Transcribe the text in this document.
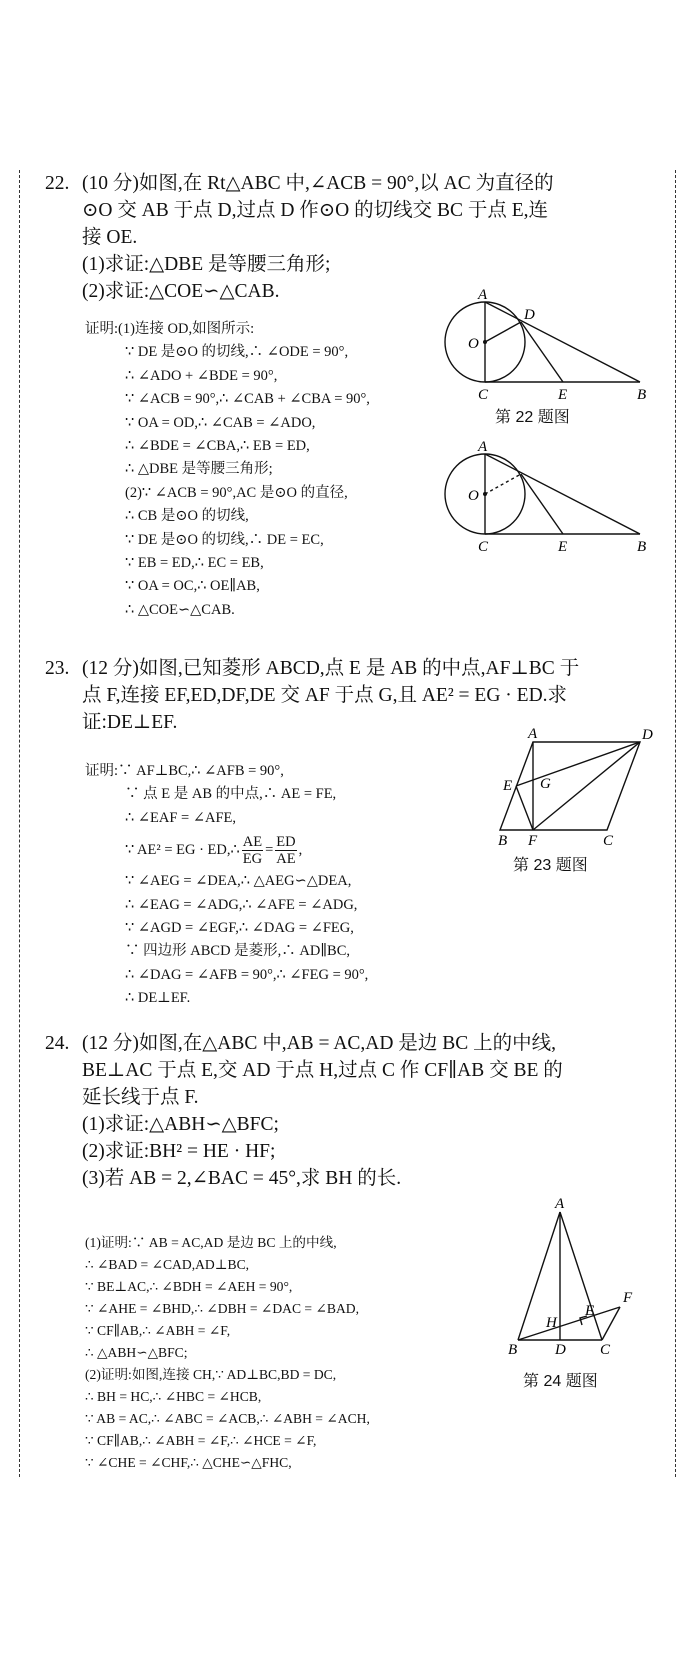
22. (10 分)如图,在 Rt△ABC 中,∠ACB = 90°,以 AC 为直径的
⊙O 交 AB 于点 D,过点 D 作⊙O 的切线交 BC 于点 E,连
接 OE.
(1)求证:△DBE 是等腰三角形;
(2)求证:△COE∽△CAB.
证明:(1)连接 OD,如图所示:
∵ DE 是⊙O 的切线,∴ ∠ODE = 90°,
∴ ∠ADO + ∠BDE = 90°,
∵ ∠ACB = 90°,∴ ∠CAB + ∠CBA = 90°,
∵ OA = OD,∴ ∠CAB = ∠ADO,
∴ ∠BDE = ∠CBA,∴ EB = ED,
∴ △DBE 是等腰三角形;
(2)∵ ∠ACB = 90°,AC 是⊙O 的直径,
∴ CB 是⊙O 的切线,
∵ DE 是⊙O 的切线,∴ DE = EC,
∵ EB = ED,∴ EC = EB,
∵ OA = OC,∴ OE∥AB,
∴ △COE∽△CAB.
A
D
O
C	E	B
第 22 题图
A
O
C	E	B
23. (12 分)如图,已知菱形 ABCD,点 E 是 AB 的中点,AF⊥BC 于
点 F,连接 EF,ED,DF,DE 交 AF 于点 G,且 AE² = EG · ED.求
证:DE⊥EF.
证明:∵ AF⊥BC,∴ ∠AFB = 90°,
∵ 点 E 是 AB 的中点,∴ AE = FE,
∴ ∠EAF = ∠AFE,
∵ AE² = EG · ED,∴ $\frac{AE}{EG} = \frac{ED}{AE}$ ,
∵ ∠AEG = ∠DEA,∴ △AEG∽△DEA,
∴ ∠EAG = ∠ADG,∴ ∠AFE = ∠ADG,
∵ ∠AGD = ∠EGF,∴ ∠DAG = ∠FEG,
∵ 四边形 ABCD 是菱形,∴ AD∥BC,
∴ ∠DAG = ∠AFB = 90°,∴ ∠FEG = 90°,
∴ DE⊥EF.
A	D
E G
B F	C
第 23 题图
24. (12 分)如图,在△ABC 中,AB = AC,AD 是边 BC 上的中线,
BE⊥AC 于点 E,交 AD 于点 H,过点 C 作 CF∥AB 交 BE 的
延长线于点 F.
(1)求证:△ABH∽△BFC;
(2)求证:BH² = HE · HF;
(3)若 AB = 2,∠BAC = 45°,求 BH 的长.
(1)证明:∵ AB = AC,AD 是边 BC 上的中线,
∴ ∠BAD = ∠CAD,AD⊥BC,
∵ BE⊥AC,∴ ∠BDH = ∠AEH = 90°,
∵ ∠AHE = ∠BHD,∴ ∠DBH = ∠DAC = ∠BAD,
∵ CF∥AB,∴ ∠ABH = ∠F,
∴ △ABH∽△BFC;
(2)证明:如图,连接 CH,∵ AD⊥BC,BD = DC,
∴ BH = HC,∴ ∠HBC = ∠HCB,
∵ AB = AC,∴ ∠ABC = ∠ACB,∴ ∠ABH = ∠ACH,
∵ CF∥AB,∴ ∠ABH = ∠F,∴ ∠HCE = ∠F,
∵ ∠CHE = ∠CHF,∴ △CHE∽△FHC,
A
E
F
H
B	D C
第 24 题图
